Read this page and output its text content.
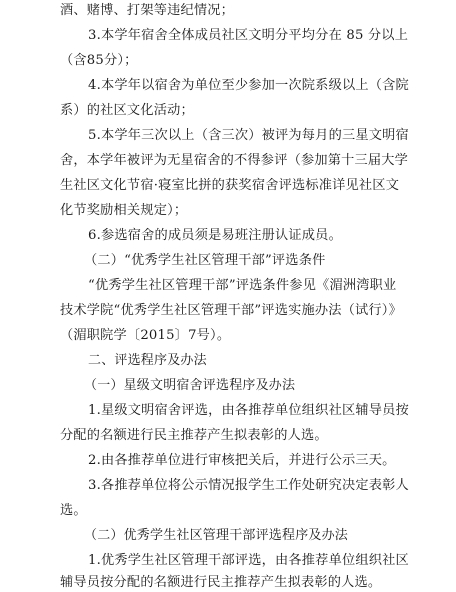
酒、赌博、打架等违纪情况；
3.本学年宿舍全体成员社区文明分平均分在 85 分以上
（含85分）；
4.本学年以宿舍为单位至少参加一次院系级以上（含院
系）的社区文化活动；
5.本学年三次以上（含三次）被评为每月的三星文明宿
舍，本学年被评为无星宿舍的不得参评（参加第十三届大学
生社区文化节宿·寝室比拼的获奖宿舍评选标准详见社区文
化节奖励相关规定）；
6.参选宿舍的成员须是易班注册认证成员。
（二）“优秀学生社区管理干部”评选条件
“优秀学生社区管理干部”评选条件参见《湄洲湾职业
技术学院“优秀学生社区管理干部”评选实施办法（试行）》
（湄职院学〔2015〕7号）。
二、评选程序及办法
（一）星级文明宿舍评选程序及办法
1.星级文明宿舍评选，由各推荐单位组织社区辅导员按
分配的名额进行民主推荐产生拟表彰的人选。
2.由各推荐单位进行审核把关后，并进行公示三天。
3.各推荐单位将公示情况报学生工作处研究决定表彰人
选。
（二）优秀学生社区管理干部评选程序及办法
1.优秀学生社区管理干部评选，由各推荐单位组织社区
辅导员按分配的名额进行民主推荐产生拟表彰的人选。
